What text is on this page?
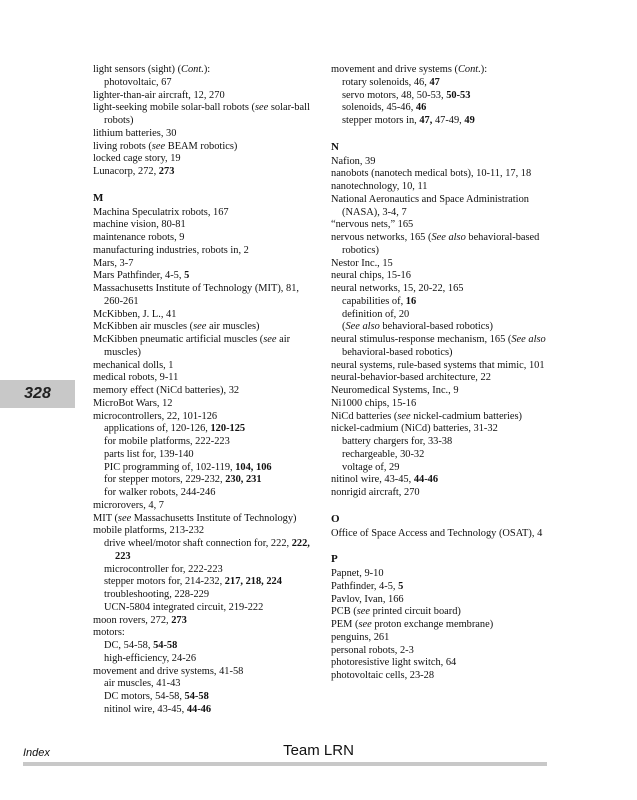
light sensors (sight) (Cont.):

photovoltaic, 67

lighter-than-air aircraft, 12, 270

light-seeking mobile solar-ball robots (see solar-ball robots)

lithium batteries, 30

living robots (see BEAM robotics)

locked cage story, 19

Lunacorp, 272, 273

M

Machina Speculatrix robots, 167

machine vision, 80-81

maintenance robots, 9

manufacturing industries, robots in, 2

Mars, 3-7

Mars Pathfinder, 4-5, 5

Massachusetts Institute of Technology (MIT), 81, 260-261

McKibben, J. L., 41

McKibben air muscles (see air muscles)

McKibben pneumatic artificial muscles (see air muscles)

mechanical dolls, 1

medical robots, 9-11

memory effect (NiCd batteries), 32

MicroBot Wars, 12

microcontrollers, 22, 101-126

applications of, 120-126, 120-125

for mobile platforms, 222-223

parts list for, 139-140

PIC programming of, 102-119, 104, 106

for stepper motors, 229-232, 230, 231

for walker robots, 244-246

microrovers, 4, 7

MIT (see Massachusetts Institute of Technology)

mobile platforms, 213-232

drive wheel/motor shaft connection for, 222, 222, 223

microcontroller for, 222-223

stepper motors for, 214-232, 217, 218, 224

troubleshooting, 228-229

UCN-5804 integrated circuit, 219-222

moon rovers, 272, 273

motors:

DC, 54-58, 54-58

high-efficiency, 24-26

movement and drive systems, 41-58

air muscles, 41-43

DC motors, 54-58, 54-58

nitinol wire, 43-45, 44-46

movement and drive systems (Cont.):

rotary solenoids, 46, 47

servo motors, 48, 50-53, 50-53

solenoids, 45-46, 46

stepper motors in, 47, 47-49, 49

N

Nafion, 39

nanobots (nanotech medical bots), 10-11, 17, 18

nanotechnology, 10, 11

National Aeronautics and Space Administration (NASA), 3-4, 7

“nervous nets,” 165

nervous networks, 165 (See also behavioral-based robotics)

Nestor Inc., 15

neural chips, 15-16

neural networks, 15, 20-22, 165

capabilities of, 16

definition of, 20

(See also behavioral-based robotics)

neural stimulus-response mechanism, 165 (See also behavioral-based robotics)

neural systems, rule-based systems that mimic, 101

neural-behavior-based architecture, 22

Neuromedical Systems, Inc., 9

Ni1000 chips, 15-16

NiCd batteries (see nickel-cadmium batteries)

nickel-cadmium (NiCd) batteries, 31-32

battery chargers for, 33-38

rechargeable, 30-32

voltage of, 29

nitinol wire, 43-45, 44-46

nonrigid aircraft, 270

O

Office of Space Access and Technology (OSAT), 4

P

Papnet, 9-10

Pathfinder, 4-5, 5

Pavlov, Ivan, 166

PCB (see printed circuit board)

PEM (see proton exchange membrane)

penguins, 261

personal robots, 2-3

photoresistive light switch, 64

photovoltaic cells, 23-28

328
Index	Team LRN
